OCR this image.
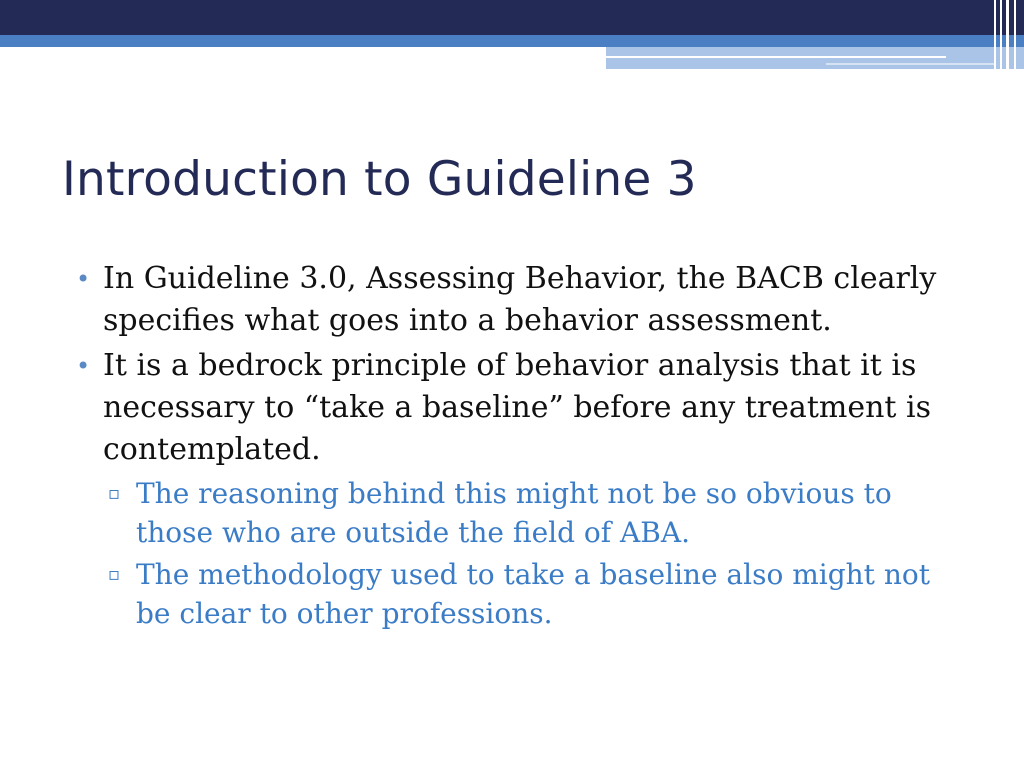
Introduction to Guideline 3
• In Guideline 3.0, Assessing Behavior, the BACB clearly specifies what goes into a behavior assessment.
• It is a bedrock principle of behavior analysis that it is necessary to “take a baseline” before any treatment is contemplated.
▫ The reasoning behind this might not be so obvious to those who are outside the field of ABA.
▫ The methodology used to take a baseline also might not be clear to other professions.
